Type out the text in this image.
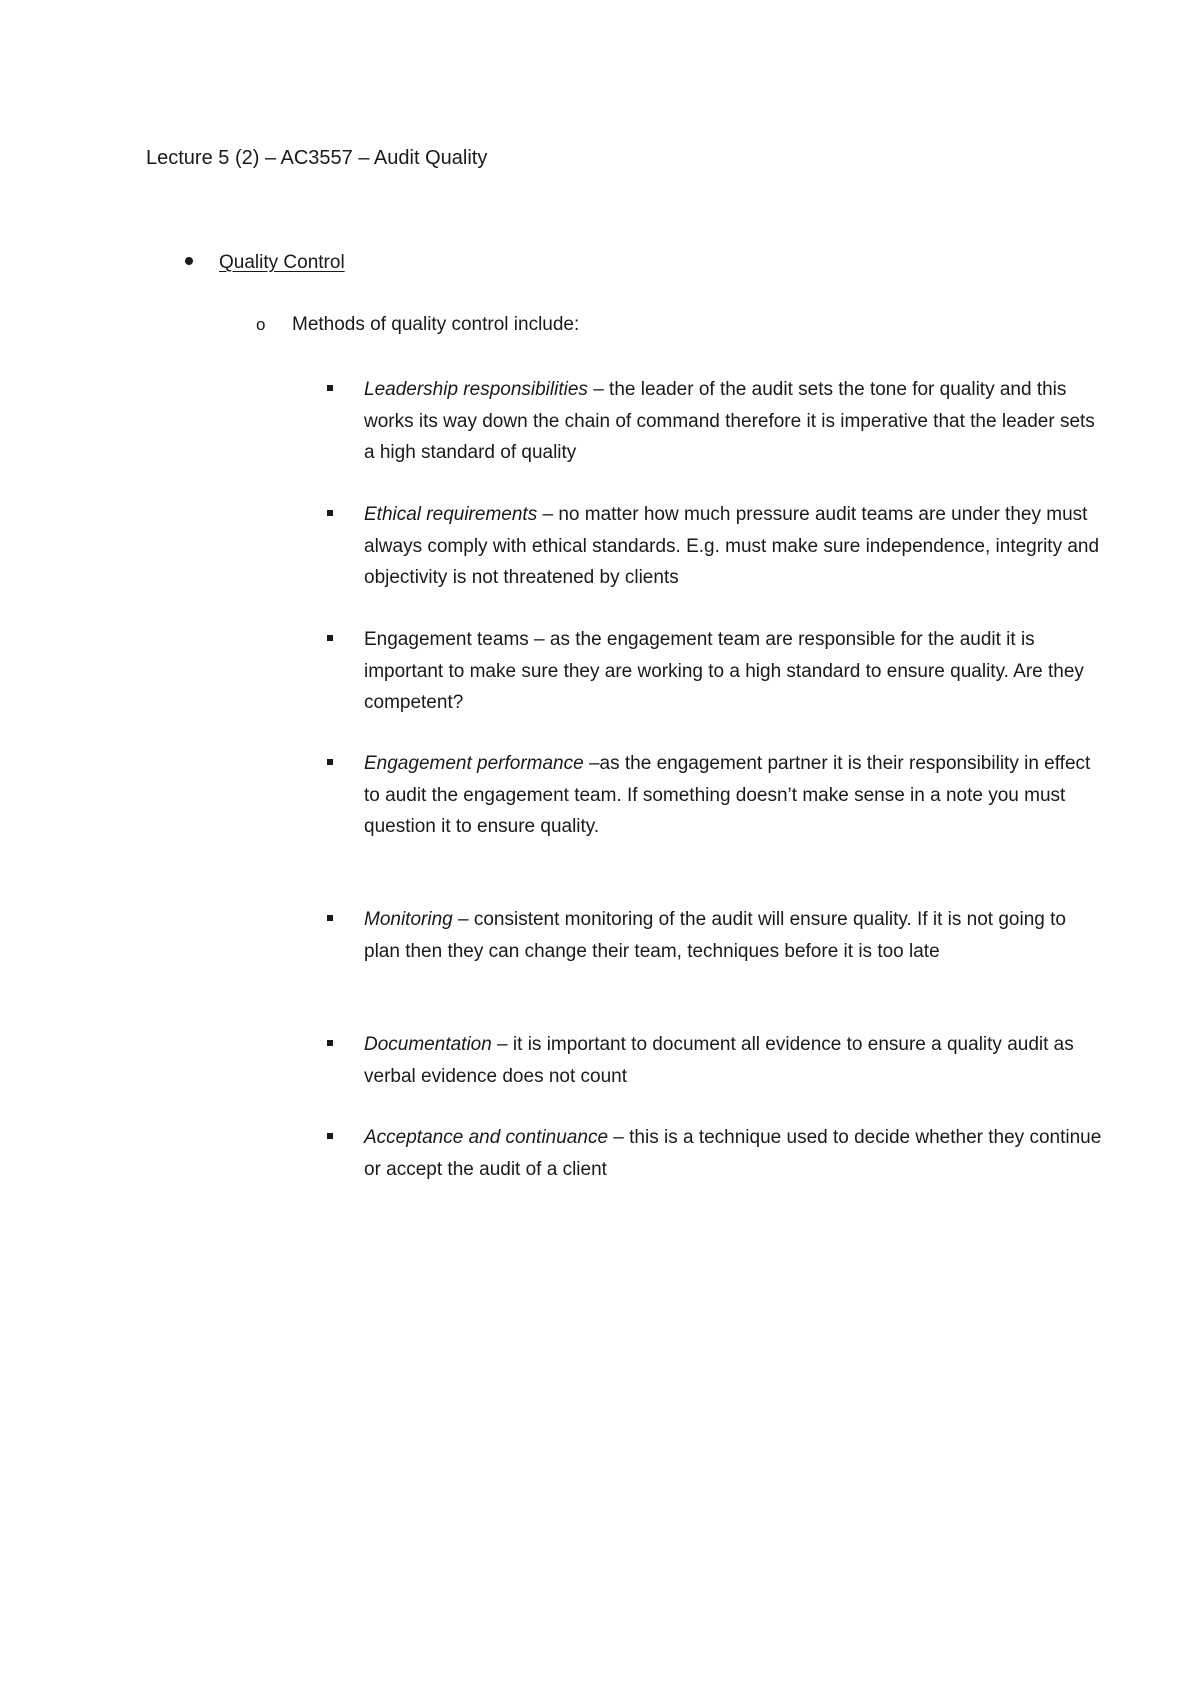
Lecture 5 (2) – AC3557 – Audit Quality
Quality Control
o Methods of quality control include:

Leadership responsibilities – the leader of the audit sets the tone for quality and this works its way down the chain of command therefore it is imperative that the leader sets a high standard of quality

Ethical requirements – no matter how much pressure audit teams are under they must always comply with ethical standards. E.g. must make sure independence, integrity and objectivity is not threatened by clients

Engagement teams – as the engagement team are responsible for the audit it is important to make sure they are working to a high standard to ensure quality. Are they competent?

Engagement performance –as the engagement partner it is their responsibility in effect to audit the engagement team. If something doesn’t make sense in a note you must question it to ensure quality.

Monitoring – consistent monitoring of the audit will ensure quality. If it is not going to plan then they can change their team, techniques before it is too late

Documentation – it is important to document all evidence to ensure a quality audit as verbal evidence does not count

Acceptance and continuance – this is a technique used to decide whether they continue or accept the audit of a client
